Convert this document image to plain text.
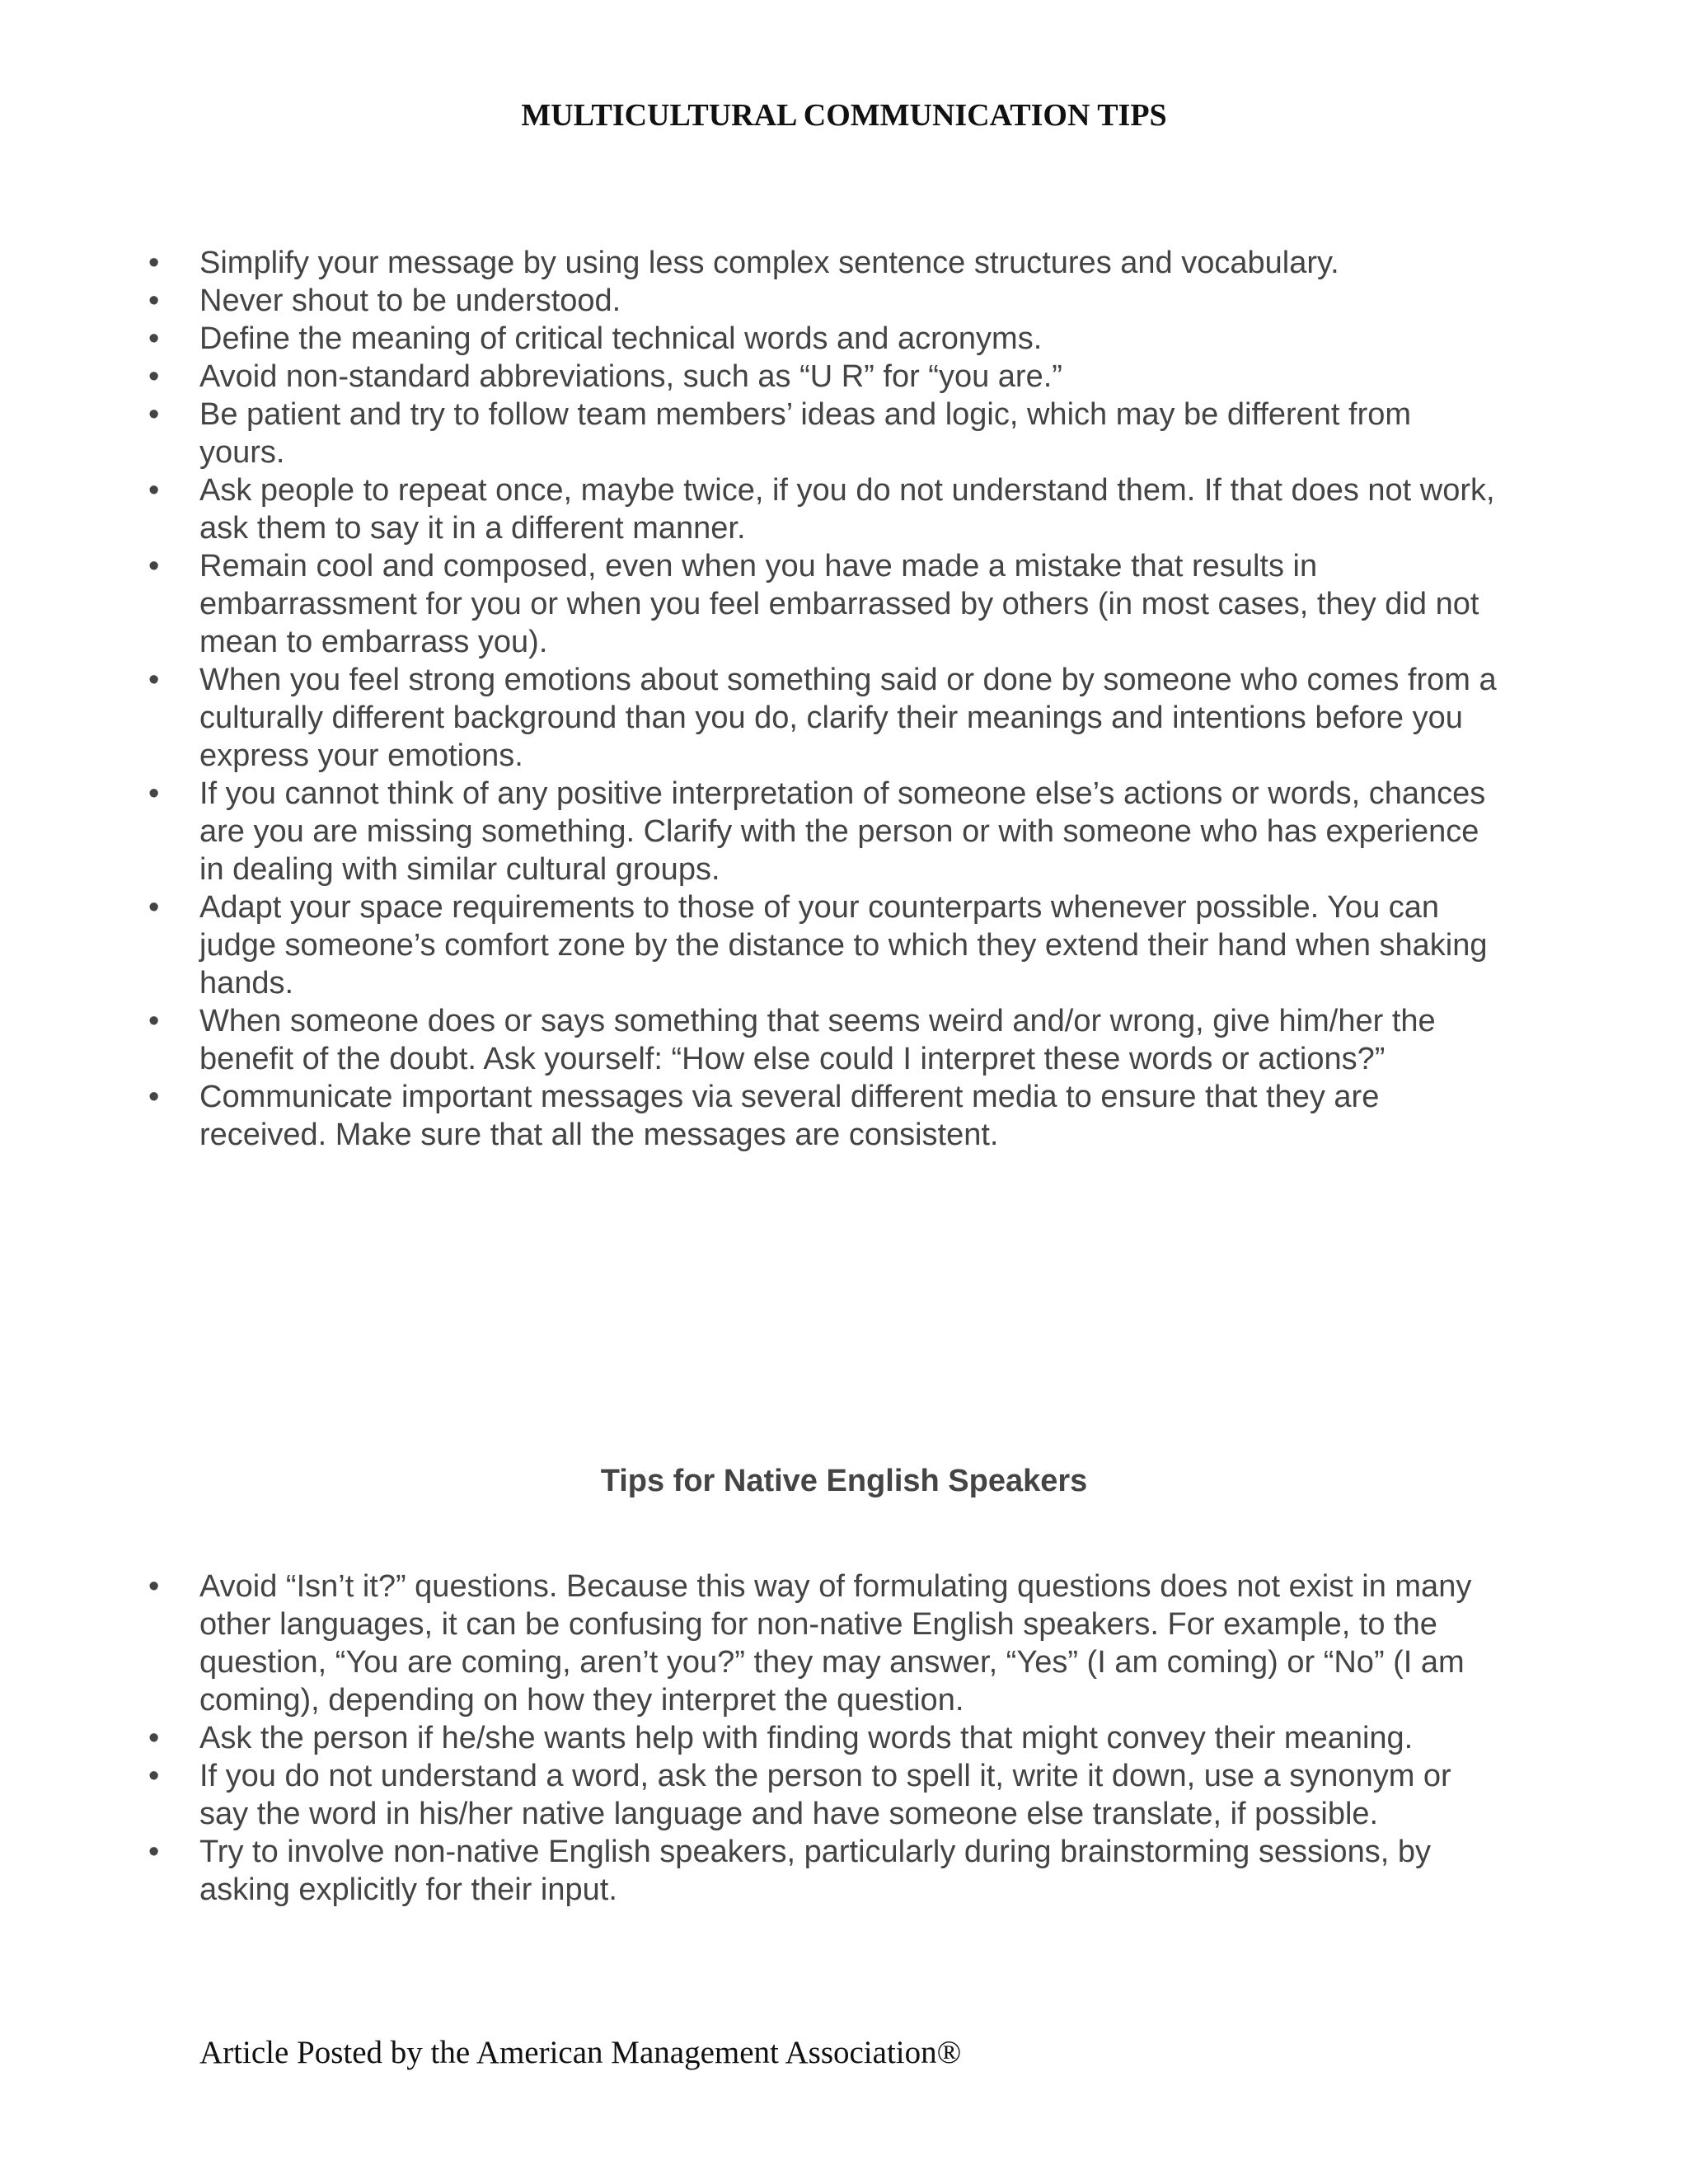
MULTICULTURAL COMMUNICATION TIPS
•	Simplify your message by using less complex sentence structures and vocabulary.
•	Never shout to be understood.
•	Define the meaning of critical technical words and acronyms.
•	Avoid non-standard abbreviations, such as “U R” for “you are.”
•	Be patient and try to follow team members’ ideas and logic, which may be different from yours.
•	Ask people to repeat once, maybe twice, if you do not understand them. If that does not work, ask them to say it in a different manner.
•	Remain cool and composed, even when you have made a mistake that results in embarrassment for you or when you feel embarrassed by others (in most cases, they did not mean to embarrass you).
•	When you feel strong emotions about something said or done by someone who comes from a culturally different background than you do, clarify their meanings and intentions before you express your emotions.
•	If you cannot think of any positive interpretation of someone else’s actions or words, chances are you are missing something. Clarify with the person or with someone who has experience in dealing with similar cultural groups.
•	Adapt your space requirements to those of your counterparts whenever possible. You can judge someone’s comfort zone by the distance to which they extend their hand when shaking hands.
•	When someone does or says something that seems weird and/or wrong, give him/her the benefit of the doubt. Ask yourself: “How else could I interpret these words or actions?”
•	Communicate important messages via several different media to ensure that they are received. Make sure that all the messages are consistent.
Tips for Native English Speakers
•	Avoid “Isn’t it?” questions. Because this way of formulating questions does not exist in many other languages, it can be confusing for non-native English speakers. For example, to the question, “You are coming, aren’t you?” they may answer, “Yes” (I am coming) or “No” (I am coming), depending on how they interpret the question.
•	Ask the person if he/she wants help with finding words that might convey their meaning.
•	If you do not understand a word, ask the person to spell it, write it down, use a synonym or say the word in his/her native language and have someone else translate, if possible.
•	Try to involve non-native English speakers, particularly during brainstorming sessions, by asking explicitly for their input.
Article Posted by the American Management Association®
